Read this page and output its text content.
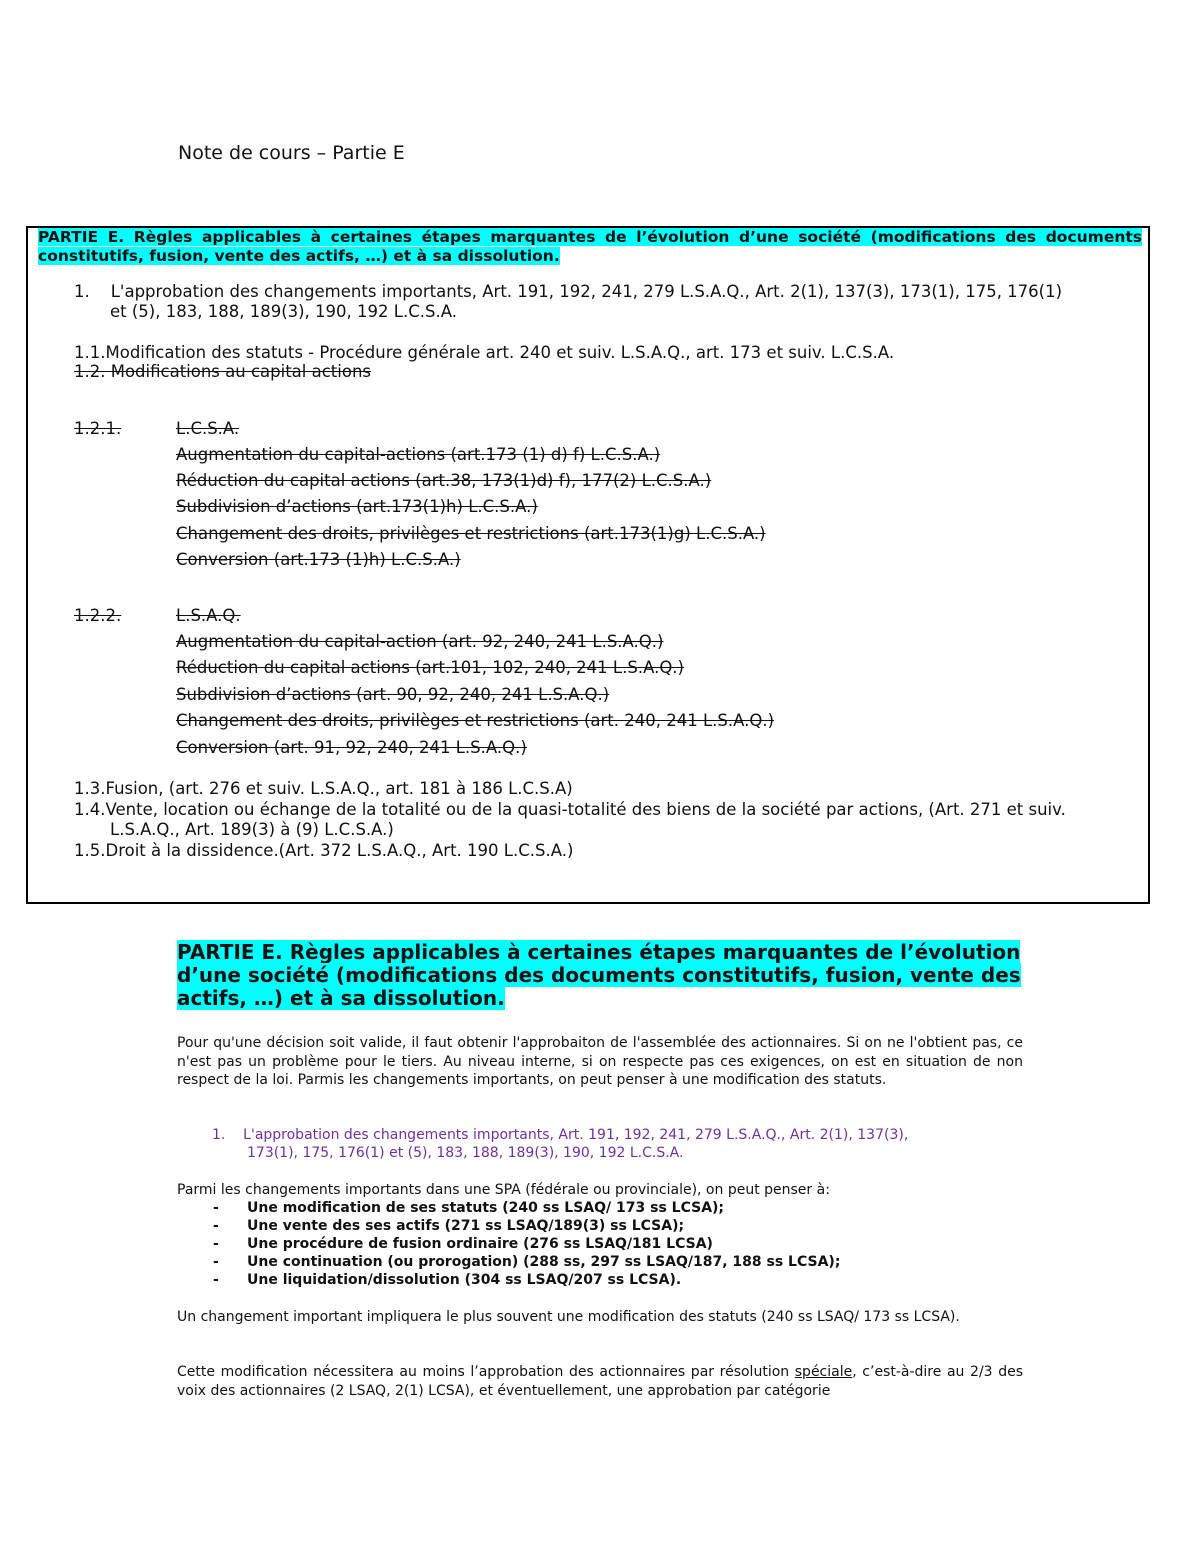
Note de cours – Partie E
PARTIE E. Règles applicables à certaines étapes marquantes de l’évolution d’une société (modifications des documents constitutifs, fusion, vente des actifs, …) et à sa dissolution.
1. L'approbation des changements importants, Art. 191, 192, 241, 279 L.S.A.Q., Art. 2(1), 137(3), 173(1), 175, 176(1)
et (5), 183, 188, 189(3), 190, 192 L.C.S.A.
1.1.Modification des statuts - Procédure générale art. 240 et suiv. L.S.A.Q., art. 173 et suiv. L.C.S.A.
1.2. Modifications au capital actions
1.2.1.	L.C.S.A.
Augmentation du capital-actions (art.173 (1) d) f) L.C.S.A.)
Réduction du capital actions (art.38, 173(1)d) f), 177(2) L.C.S.A.)
Subdivision d’actions (art.173(1)h) L.C.S.A.)
Changement des droits, privilèges et restrictions (art.173(1)g) L.C.S.A.)
Conversion (art.173 (1)h) L.C.S.A.)
1.2.2.	L.S.A.Q.
Augmentation du capital-action (art. 92, 240, 241 L.S.A.Q.)
Réduction du capital actions (art.101, 102, 240, 241 L.S.A.Q.)
Subdivision d’actions (art. 90, 92, 240, 241 L.S.A.Q.)
Changement des droits, privilèges et restrictions (art. 240, 241 L.S.A.Q.)
Conversion (art. 91, 92, 240, 241 L.S.A.Q.)
1.3.Fusion, (art. 276 et suiv. L.S.A.Q., art. 181 à 186 L.C.S.A)
1.4.Vente, location ou échange de la totalité ou de la quasi-totalité des biens de la société par actions, (Art. 271 et suiv.
L.S.A.Q., Art. 189(3) à (9) L.C.S.A.)
1.5.Droit à la dissidence.(Art. 372 L.S.A.Q., Art. 190 L.C.S.A.)
PARTIE E. Règles applicables à certaines étapes marquantes de l’évolution d’une société (modifications des documents constitutifs, fusion, vente des actifs, …) et à sa dissolution.
Pour qu'une décision soit valide, il faut obtenir l'approbaiton de l'assemblée des actionnaires. Si on ne l'obtient pas, ce n'est pas un problème pour le tiers. Au niveau interne, si on respecte pas ces exigences, on est en situation de non respect de la loi. Parmis les changements importants, on peut penser à une modification des statuts.
1. L'approbation des changements importants, Art. 191, 192, 241, 279 L.S.A.Q., Art. 2(1), 137(3),
173(1), 175, 176(1) et (5), 183, 188, 189(3), 190, 192 L.C.S.A.
Parmi les changements importants dans une SPA (fédérale ou provinciale), on peut penser à:
- Une modification de ses statuts (240 ss LSAQ/ 173 ss LCSA);
- Une vente des ses actifs (271 ss LSAQ/189(3) ss LCSA);
- Une procédure de fusion ordinaire (276 ss LSAQ/181 LCSA)
- Une continuation (ou prorogation) (288 ss, 297 ss LSAQ/187, 188 ss LCSA);
- Une liquidation/dissolution (304 ss LSAQ/207 ss LCSA).
Un changement important impliquera le plus souvent une modification des statuts (240 ss LSAQ/ 173 ss LCSA).
Cette modification nécessitera au moins l’approbation des actionnaires par résolution spéciale, c’est-à-dire au 2/3 des voix des actionnaires (2 LSAQ, 2(1) LCSA), et éventuellement, une approbation par catégorie
